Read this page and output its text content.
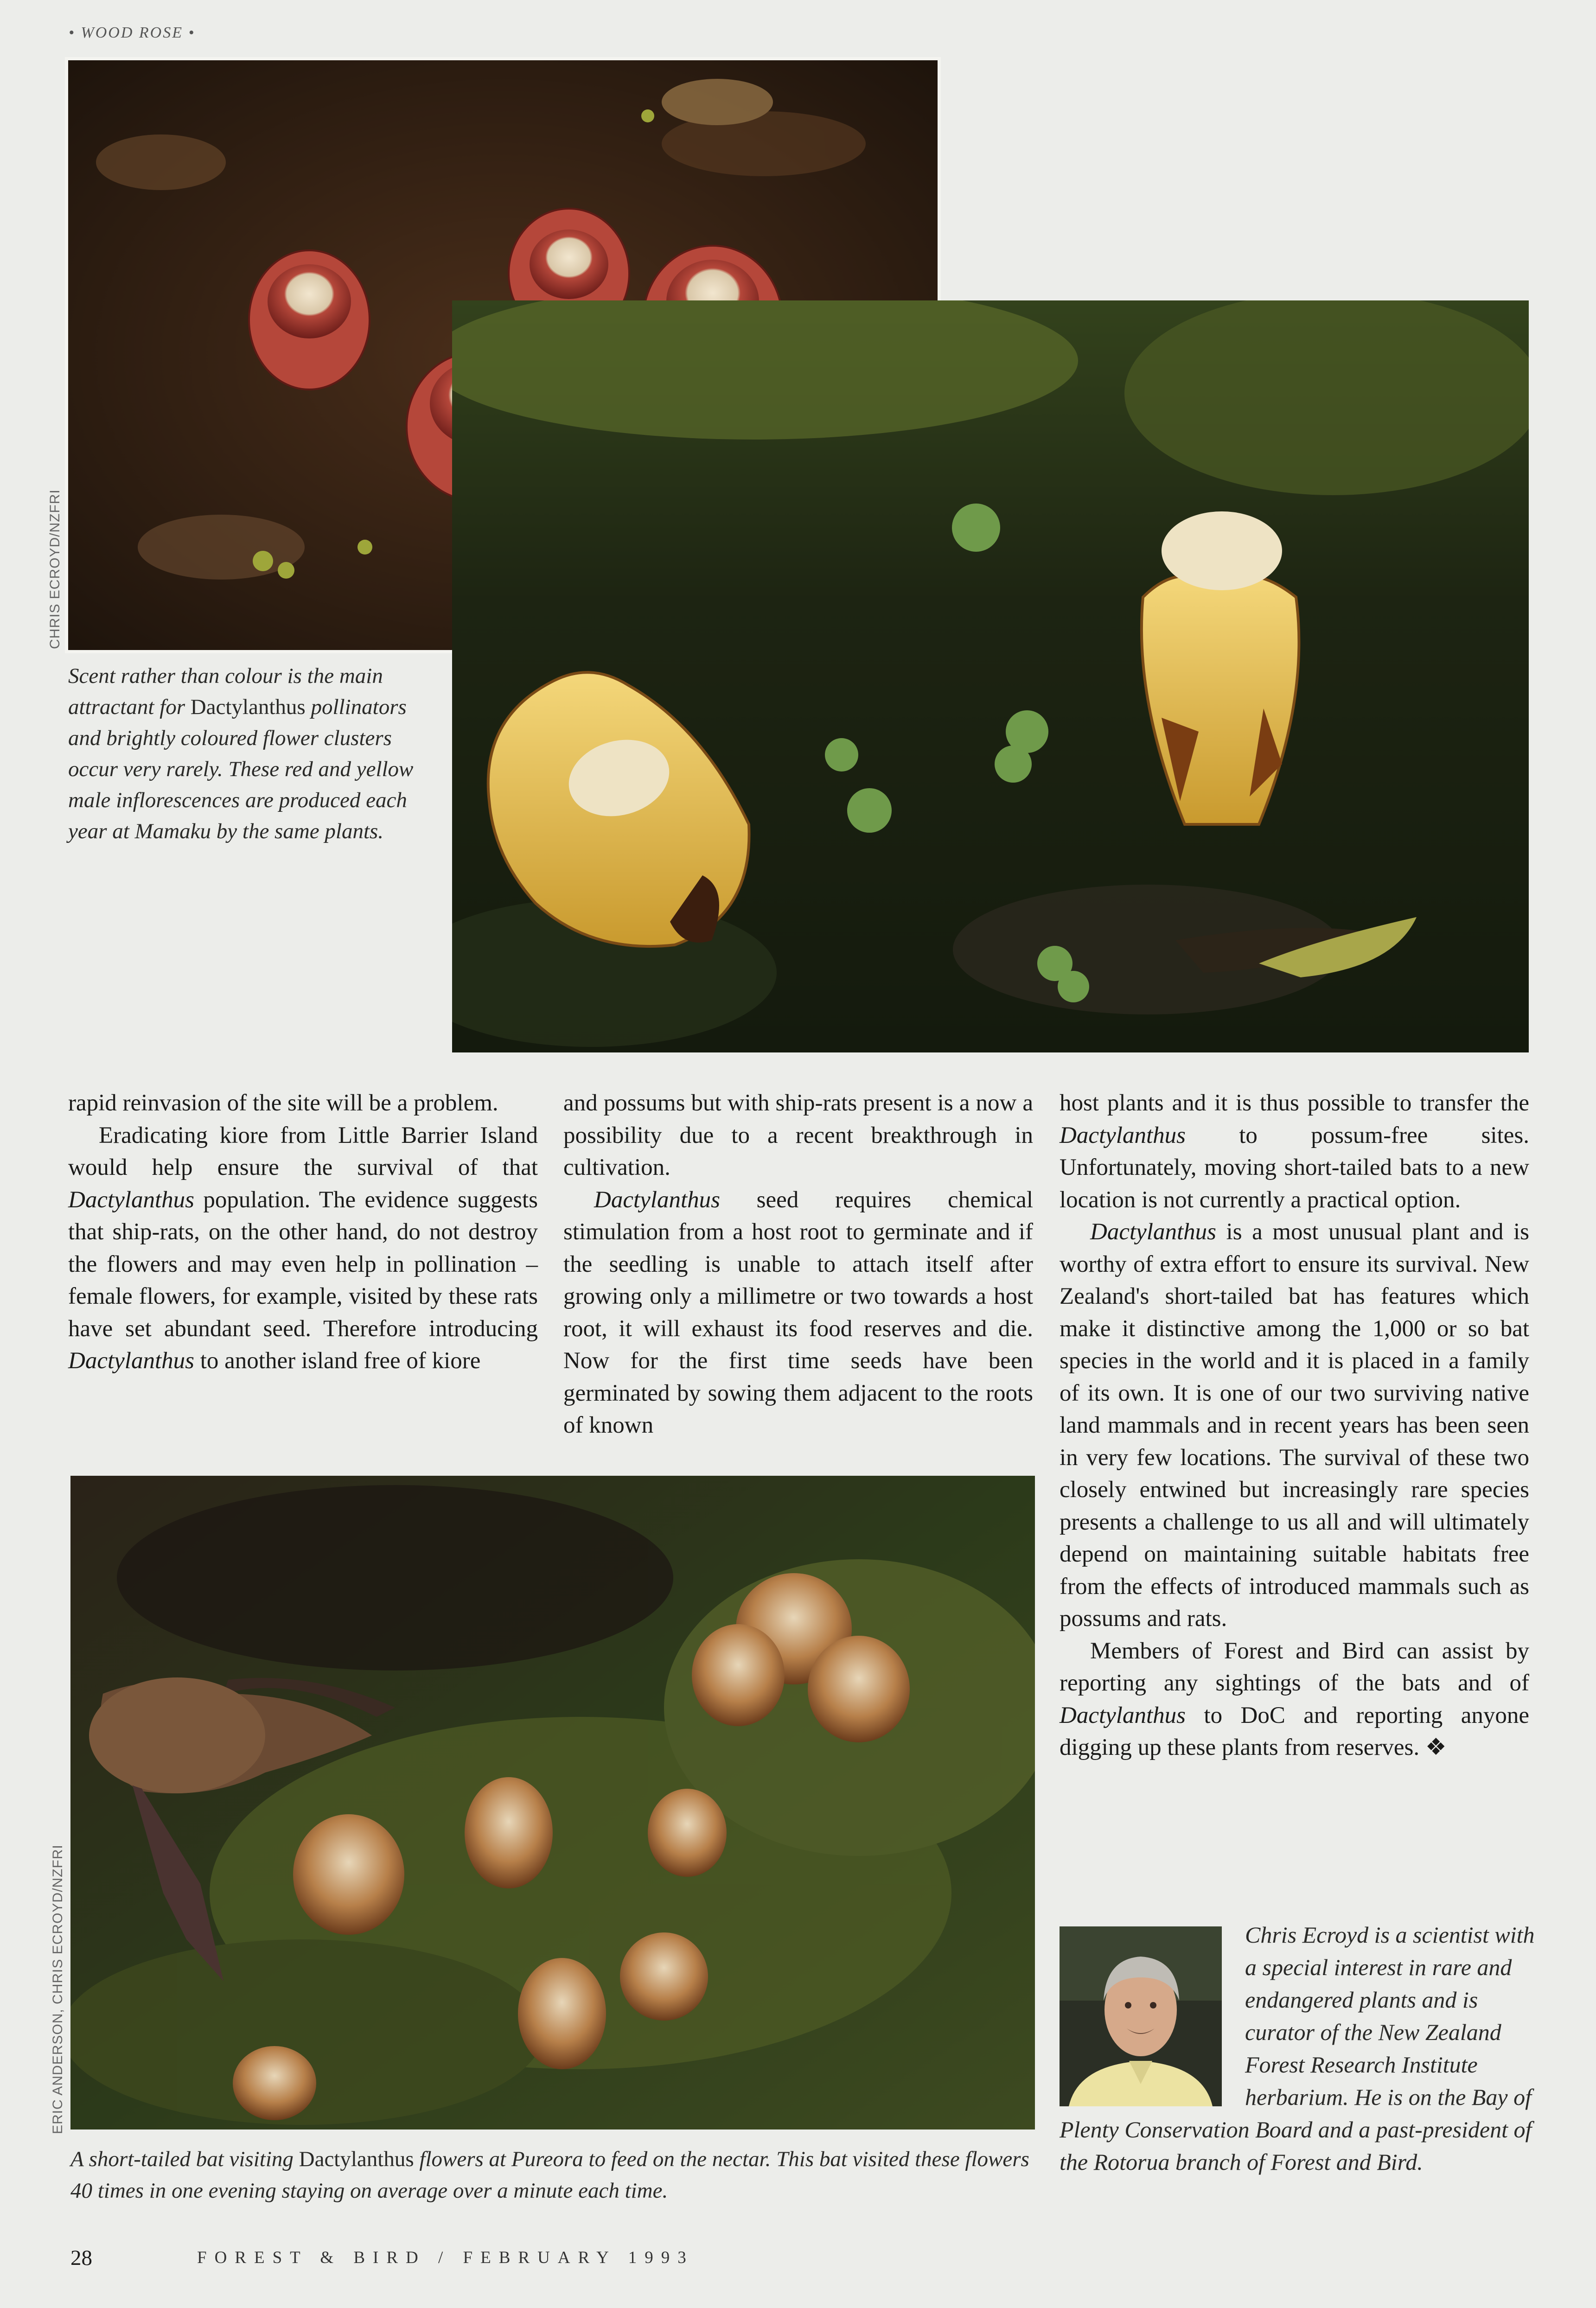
• WOOD ROSE •
CHRIS ECROYD/NZFRI
Scent rather than colour is the main attractant for Dactylanthus pollinators and brightly coloured flower clusters occur very rarely. These red and yellow male inflorescences are produced each year at Mamaku by the same plants.

rapid reinvasion of the site will be a problem.

Eradicating kiore from Little Barrier Island would help ensure the survival of that Dactylanthus population. The evidence suggests that ship-rats, on the other hand, do not destroy the flowers and may even help in pollination – female flowers, for example, visited by these rats have set abundant seed. Therefore introducing Dactylanthus to another island free of kiore

and possums but with ship-rats present is a now a possibility due to a recent breakthrough in cultivation.

Dactylanthus seed requires chemical stimulation from a host root to germinate and if the seedling is unable to attach itself after growing only a millimetre or two towards a host root, it will exhaust its food reserves and die. Now for the first time seeds have been germinated by sowing them adjacent to the roots of known

host plants and it is thus possible to transfer the Dactylanthus to possum-free sites. Unfortunately, moving short-tailed bats to a new location is not currently a practical option.

Dactylanthus is a most unusual plant and is worthy of extra effort to ensure its survival. New Zealand's short-tailed bat has features which make it distinctive among the 1,000 or so bat species in the world and it is placed in a family of its own. It is one of our two surviving native land mammals and in recent years has been seen in very few locations. The survival of these two closely entwined but increasingly rare species presents a challenge to us all and will ultimately depend on maintaining suitable habitats free from the effects of introduced mammals such as possums and rats.

Members of Forest and Bird can assist by reporting any sightings of the bats and of Dactylanthus to DoC and reporting anyone digging up these plants from reserves. ❖

ERIC ANDERSON, CHRIS ECROYD/NZFRI
A short-tailed bat visiting Dactylanthus flowers at Pureora to feed on the nectar. This bat visited these flowers 40 times in one evening staying on average over a minute each time.
Chris Ecroyd is a scientist with a special interest in rare and endangered plants and is curator of the New Zealand Forest Research Institute herbarium. He is on the Bay of Plenty Conservation Board and a past-president of the Rotorua branch of Forest and Bird.
28	FOREST & BIRD / FEBRUARY 1993
